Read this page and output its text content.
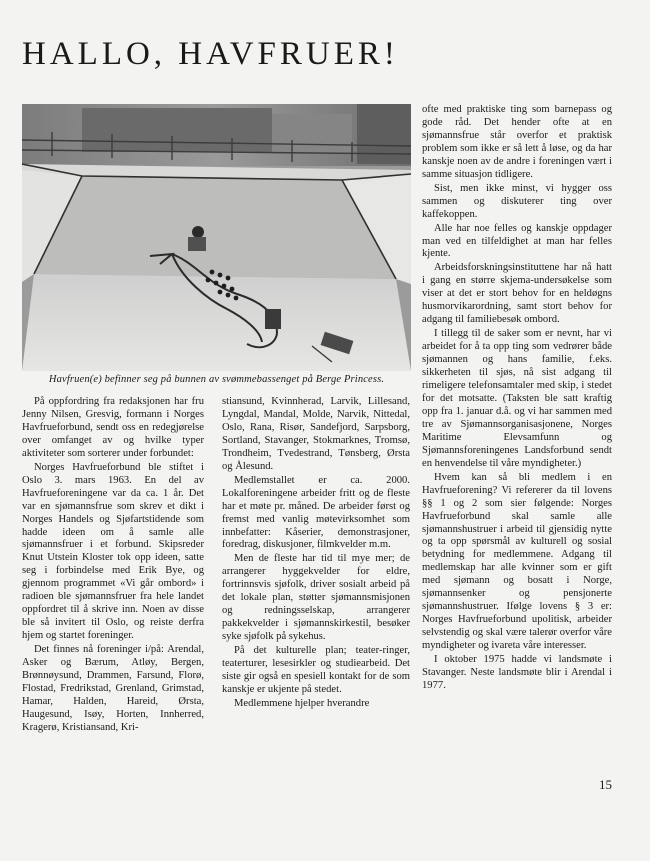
HALLO, HAVFRUER!

Havfruen(e) befinner seg på bunnen av svømmebassenget på Berge Princess.

På oppfordring fra redaksjonen har fru Jenny Nilsen, Gresvig, formann i Norges Havfrueforbund, sendt oss en redegjørelse over omfanget av og hvilke typer aktiviteter som sorterer under forbundet:

Norges Havfrueforbund ble stiftet i Oslo 3. mars 1963. En del av Havfrueforeningene var da ca. 1 år. Det var en sjømannsfrue som skrev et dikt i Norges Handels og Sjøfartstidende som hadde ideen om å samle alle sjømannsfruer i et forbund. Skipsreder Knut Utstein Kloster tok opp ideen, satte seg i forbindelse med Erik Bye, og gjennom programmet «Vi går ombord» i radioen ble sjømannsfruer fra hele landet oppfordret til å skrive inn. Noen av disse ble så invitert til Oslo, og reiste derfra hjem og startet foreninger.

Det finnes nå foreninger i/på: Arendal, Asker og Bærum, Atløy, Bergen, Brønnøysund, Drammen, Farsund, Florø, Flostad, Fredrikstad, Grenland, Grimstad, Hamar, Halden, Hareid, Ørsta, Haugesund, Isøy, Horten, Innherred, Kragerø, Kristiansand, Kri-

stiansund, Kvinnherad, Larvik, Lillesand, Lyngdal, Mandal, Molde, Narvik, Nittedal, Oslo, Rana, Risør, Sandefjord, Sarpsborg, Sortland, Stavanger, Stokmarknes, Tromsø, Trondheim, Tvedestrand, Tønsberg, Ørsta og Ålesund.

Medlemstallet er ca. 2000. Lokalforeningene arbeider fritt og de fleste har et møte pr. måned. De arbeider først og fremst med vanlig møtevirksomhet som innbefatter: Kåserier, demonstrasjoner, foredrag, diskusjoner, filmkvelder m.m.

Men de fleste har tid til mye mer; de arrangerer hyggekvelder for eldre, fortrinnsvis sjøfolk, driver sosialt arbeid på det lokale plan, støtter sjømannsmisjonen og redningsselskap, arrangerer pakkekvelder i sjømannskirkestil, besøker syke sjøfolk på sykehus.

På det kulturelle plan; teater-ringer, teaterturer, lesesirkler og studiearbeid. Det siste gir også en spesiell kontakt for de som kanskje er ukjente på stedet.

Medlemmene hjelper hverandre

ofte med praktiske ting som barnepass og gode råd. Det hender ofte at en sjømannsfrue står overfor et praktisk problem som ikke er så lett å løse, og da har kanskje noen av de andre i foreningen vært i samme situasjon tidligere.

Sist, men ikke minst, vi hygger oss sammen og diskuterer ting over kaffekoppen.

Alle har noe felles og kanskje oppdager man ved en tilfeldighet at man har felles kjente.

Arbeidsforskningsinstituttene har nå hatt i gang en større skjema-undersøkelse som viser at det er stort behov for en heldøgns husmorvikarordning, samt stort behov for adgang til familiebesøk ombord.

I tillegg til de saker som er nevnt, har vi arbeidet for å ta opp ting som vedrører både sjømannen og hans familie, f.eks. sikkerheten til sjøs, nå sist adgang til rimeligere telefonsamtaler med skip, i stedet for det motsatte. (Taksten ble satt kraftig opp fra 1. januar d.å. og vi har sammen med tre av Sjømannsorganisasjonene, Norges Maritime Elevsamfunn og Sjømannsforeningenes Landsforbund sendt en henvendelse til våre myndigheter.)

Hvem kan så bli medlem i en Havfrueforening? Vi refererer da til lovens §§ 1 og 2 som sier følgende: Norges Havfrueforbund skal samle alle sjømannshustruer i arbeid til gjensidig nytte og ta opp spørsmål av kulturell og sosial betydning for medlemmene. Adgang til medlemskap har alle kvinner som er gift med sjømann og bosatt i Norge, sjømannsenker og pensjonerte sjømannshustruer. Ifølge lovens § 3 er: Norges Havfrueforbund upolitisk, arbeider selvstendig og skal være talerør overfor våre myndigheter og ivareta våre interesser.

I oktober 1975 hadde vi landsmøte i Stavanger. Neste landsmøte blir i Arendal i 1977.

15
